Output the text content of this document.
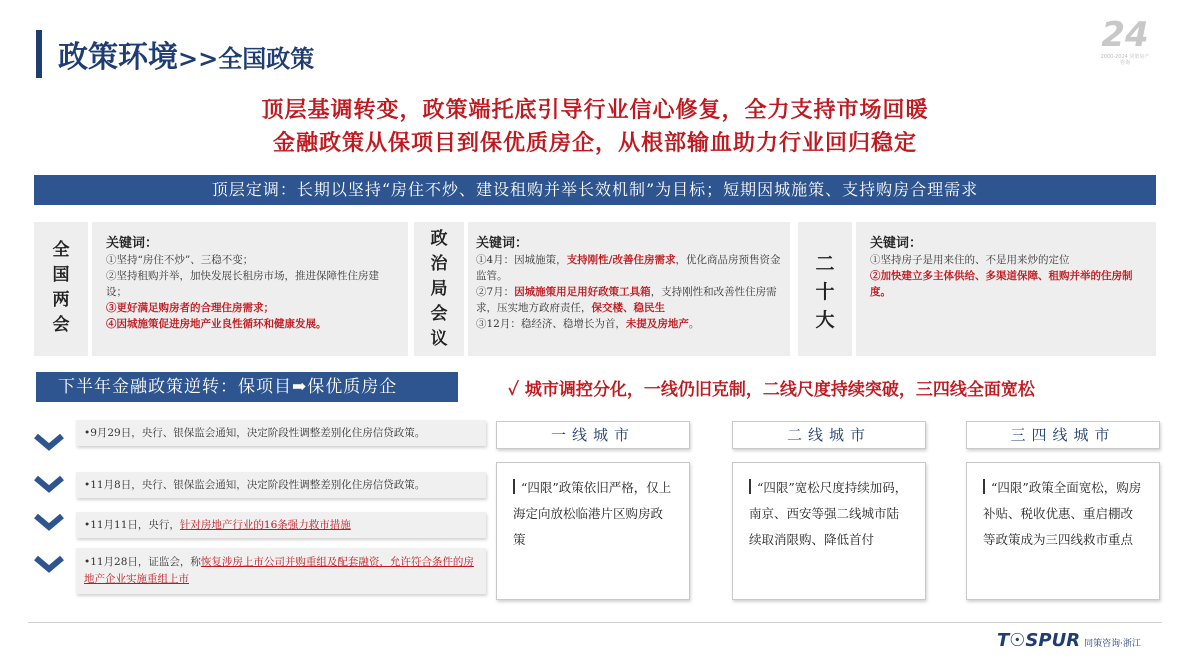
政策环境>>全国政策
24
2000-2024 同策房产咨询
顶层基调转变，政策端托底引导行业信心修复，全力支持市场回暖
金融政策从保项目到保优质房企，从根部输血助力行业回归稳定
顶层定调：长期以坚持“房住不炒、建设租购并举长效机制”为目标；短期因城施策、支持购房合理需求
全
国
两
会
关键词：
①坚持“房住不炒”、三稳不变；
②坚持租购并举，加快发展长租房市场，推进保障性住房建设；
③更好满足购房者的合理住房需求；
④因城施策促进房地产业良性循环和健康发展。
政
治
局
会
议
关键词：
①4月：因城施策，支持刚性/改善住房需求，优化商品房预售资金监管。
②7月：因城施策用足用好政策工具箱，支持刚性和改善性住房需求，压实地方政府责任，保交楼、稳民生
③12月：稳经济、稳增长为首，未提及房地产。
二
十
大
关键词：
①坚持房子是用来住的、不是用来炒的定位
②加快建立多主体供给、多渠道保障、租购并举的住房制度。
下半年金融政策逆转：保项目➡保优质房企
•9月29日，央行、银保监会通知，决定阶段性调整差别化住房信贷政策。
•11月8日，央行、银保监会通知，决定阶段性调整差别化住房信贷政策。
•11月11日，央行， 针对房地产行业的16条强力救市措施
•11月28日，证监会，称恢复涉房上市公司并购重组及配套融资，允许符合条件的房地产企业实施重组上市
✓ 城市调控分化，一线仍旧克制，二线尺度持续突破，三四线全面宽松
一线城市
“四限”政策依旧严格，仅上海定向放松临港片区购房政策
二线城市
“四限”宽松尺度持续加码，南京、西安等强二线城市陆续取消限购、降低首付
三四线城市
“四限”政策全面宽松，购房补贴、税收优惠、重启棚改等政策成为三四线救市重点
T☉SPUR 同策咨询·浙江
